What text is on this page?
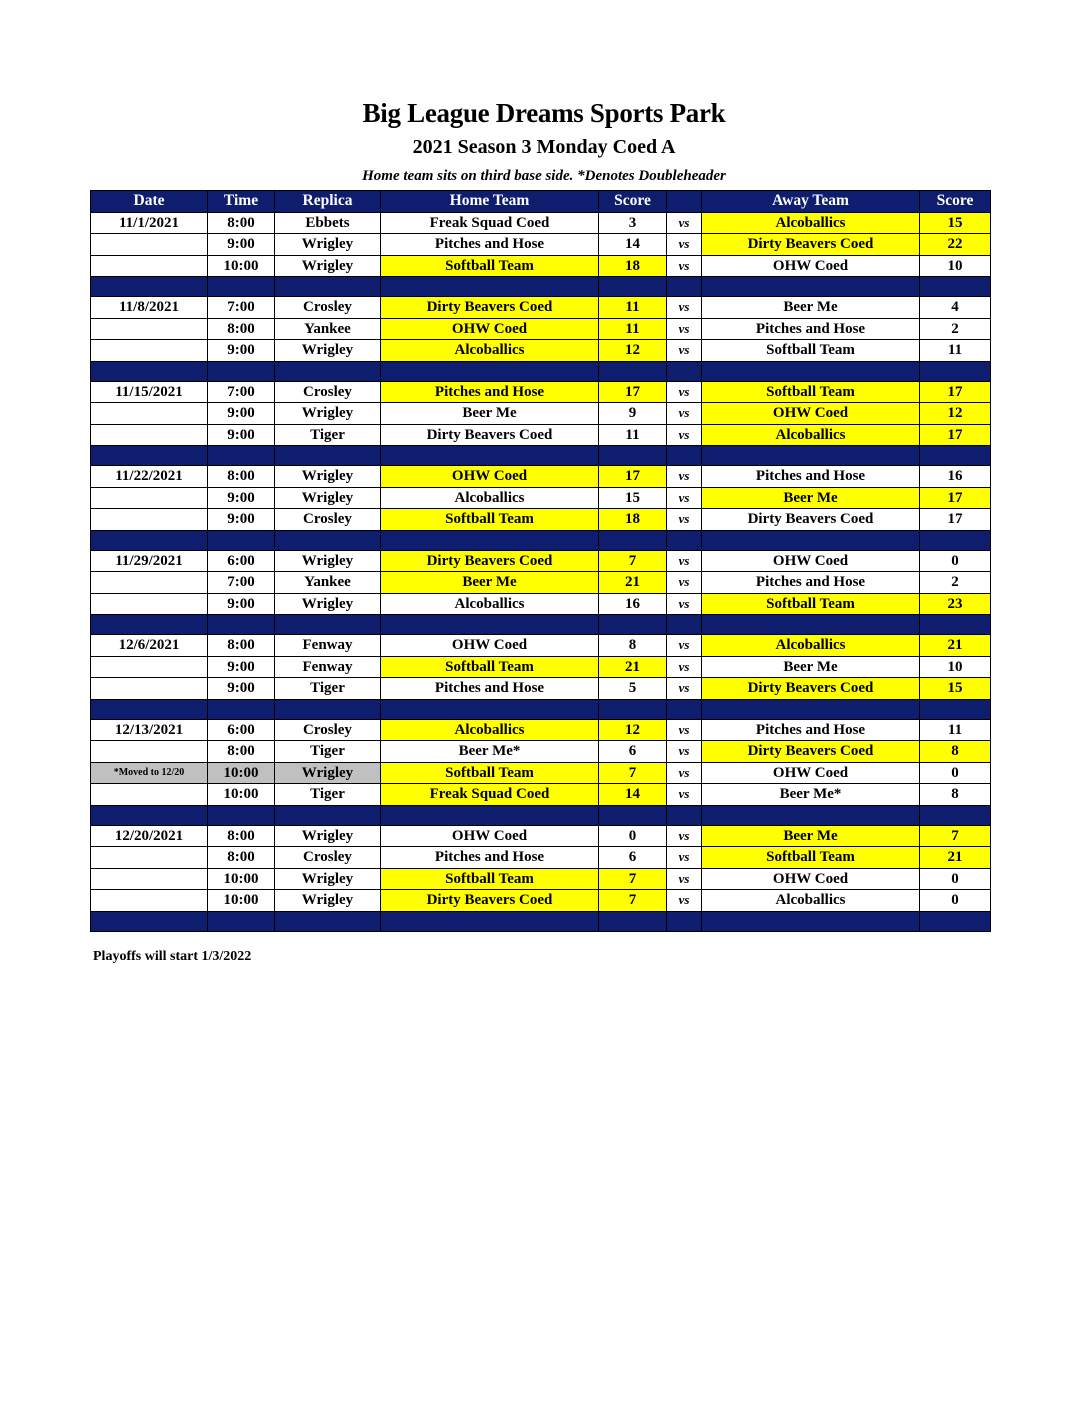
Big League Dreams Sports Park
2021 Season 3 Monday Coed A
Home team sits on third base side. *Denotes Doubleheader
Date	Time	Replica	Home Team	Score		Away Team	Score
11/1/2021	8:00	Ebbets	Freak Squad Coed	3	vs	Alcoballics	15
	9:00	Wrigley	Pitches and Hose	14	vs	Dirty Beavers Coed	22
	10:00	Wrigley	Softball Team	18	vs	OHW Coed	10

11/8/2021	7:00	Crosley	Dirty Beavers Coed	11	vs	Beer Me	4
	8:00	Yankee	OHW Coed	11	vs	Pitches and Hose	2
	9:00	Wrigley	Alcoballics	12	vs	Softball Team	11

11/15/2021	7:00	Crosley	Pitches and Hose	17	vs	Softball Team	17
	9:00	Wrigley	Beer Me	9	vs	OHW Coed	12
	9:00	Tiger	Dirty Beavers Coed	11	vs	Alcoballics	17

11/22/2021	8:00	Wrigley	OHW Coed	17	vs	Pitches and Hose	16
	9:00	Wrigley	Alcoballics	15	vs	Beer Me	17
	9:00	Crosley	Softball Team	18	vs	Dirty Beavers Coed	17

11/29/2021	6:00	Wrigley	Dirty Beavers Coed	7	vs	OHW Coed	0
	7:00	Yankee	Beer Me	21	vs	Pitches and Hose	2
	9:00	Wrigley	Alcoballics	16	vs	Softball Team	23

12/6/2021	8:00	Fenway	OHW Coed	8	vs	Alcoballics	21
	9:00	Fenway	Softball Team	21	vs	Beer Me	10
	9:00	Tiger	Pitches and Hose	5	vs	Dirty Beavers Coed	15

12/13/2021	6:00	Crosley	Alcoballics	12	vs	Pitches and Hose	11
	8:00	Tiger	Beer Me*	6	vs	Dirty Beavers Coed	8
*Moved to 12/20	10:00	Wrigley	Softball Team	7	vs	OHW Coed	0
	10:00	Tiger	Freak Squad Coed	14	vs	Beer Me*	8

12/20/2021	8:00	Wrigley	OHW Coed	0	vs	Beer Me	7
	8:00	Crosley	Pitches and Hose	6	vs	Softball Team	21
	10:00	Wrigley	Softball Team	7	vs	OHW Coed	0
	10:00	Wrigley	Dirty Beavers Coed	7	vs	Alcoballics	0

Playoffs will start 1/3/2022
